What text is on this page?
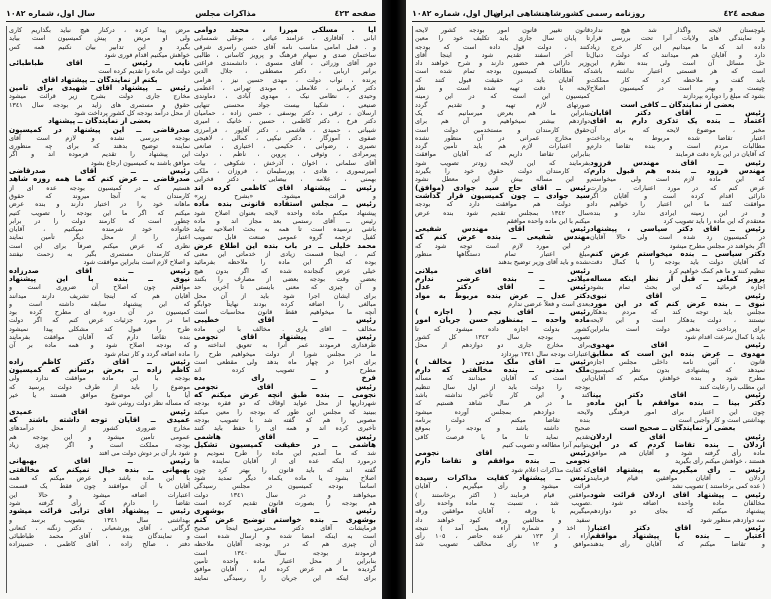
صفحه ٤٢٣
مذاکرات مجلس
سال اول، شماره ١٠٨٢
آیا . مسلکی میرزا ، محمد دوامی
ابانی . آقاقاری ، عزامند غیاثی ، بوعلی شمسایی
و . قمل امامی مناسب نامه آقای حسن راسری شرقی
ساختمان صدی و سهام فرهنگ و پرویز کاسانی ، طالبی
دور آقای وزرائی ، آقای مسوی ، دانشمندی فراغتی
برانبر اربابی ، دکتر مصطفی ، جلال الدین
پرنده ، نواب دولت ، مهدی حسین نیز ، هرامی
دکتر کرمانی ، غلامعلی ، موبدی تهرانی ، اعظمی
وحیدی ، نظامی نیک ، مهدوی آبادی ، دماوندی
صنیعی ، شکیبا بیست جواد محسنی تنهایی
ارسلان ، ترقی ، دکتر یوسفی ، حسن زاده ، حمامیان
دکتر فرخ ، دکتر کاظمی ، حسین ، خانیک ، امیری
شیبانی ، حمیدی ، هاشمی ، دکتر آقاپور ، فرامرزی
صفوی ، آموزگار ، دکتر نیکپی ، کمالی ، لاهیجی
نصیری ، رضوانی ، حکیمی ، اختیاری ، صانعی
پیرمرادی ، وثوقی ، پروین ، ناظم ، دولت
آقای سلمانی ، اخوان ، آذرخش ، شکوهی ، بیات
امیرتیموری ، هادی ، پورسلیمان ، فروزان ، ملکی
بهمنی ، علامه ، بیضایی ، دکتر فخرایی
رئیس ــ پیشنهاد آقای کاظمی کرده اند
و قرائت میشود. «بشرح زیر»
رئیس ــ مجلس استفاده قانونی بنده ماده
پیشنهاد میکنم ماده واحده لایحه بعنوان اصلاح شود
رئیس ــ آقای رستمی بعد مجاز اند و ماده
باشی نرسیده است تا همه به بحث اصلاحیه بیاید
کفیل ترجمه گروه عمومی صنعت قابل تصویب
محمد خلیلی ــ در باب بنده این اطلاع عرض
کنم ، اینجا قسمت زیادی از خدماتی این معنی
بوده که اگر این ماده را ملاحظه بفرمائید
خیلی عرض گنجانده شده که اگر بدون هیچ
بعضی وقت بودجه بعضی از مصارف را بکنند
و آن چیزی که معنی بایستی تا آخرین حد
برای ایشان اجرا شود باید از آن محل
مبالغی را اضافه کرده بودند نهایتاً جوابگو
آنچه ما میخواهیم فقط قانون محاسبات است
رئیس ــ آقای خطیبی
مخالف ــ اقای یاری . مخالف با این ماده
رئیس ــ پیشنهاد آقای نجومی
طرفداری فرمودند عمر آنرا به تعویق انداخته و
ما در مجلس شورا از دولت میخواهیم طرح را
برای اجرا در چهار ماه بدهد ولی مقطعی است
مطرح و تصویب کرده اند
فرخ ــ رأی بده
رئیس ــ آقای نجومی
نجومی ــ بنده طبق آنچه عرض میکنم که
شهرداریها از محل عواید اوقاف که دو فقره بودجه
ببینید که مجلس این طور که بودجه را معین میکند
مصوبی را هم که گفته شد با تصویب بودجه
تأخیری کرده اند و همه ای را حفظ باید کنند
رئیس ــ آقای هاشمی
هاشمی ــ در حقیقت کمیسیون تشکیل
شد که ما آمدیم این ماده را طرح نمودیم و
درمورد اینکه عده ای از آقایان نماینده ها
گفته اند که باید قانون را بهتر کرد چون
اصلاح بشود یا ماده یکماه دیگر تمدید شود
اساساً بودجه کمیسیون در مجلس رسیدگی
میخواهند و در سال ١٣٤١ دولت
هم بودجه را بصورت قانون تقدیم کرده است
رئیس ــ آقای بوشهری
بوشهری ــ بنده خواستم توضیح عرض کنم
فرمایشات آقای دکتر محترمی اینجا صحیح
است به اینکه امضا شده و ارسال شده است
آن چیزی هم که در بودجه آقایان ملاحظه
فرمودند بودجه سال ١٣٤٠ است
بنابراین از محل اعتبار ماده واحده تأمین
گردیده ما هم عرض کرده ایم ، آقایان موافق
برای اینکه این جریان را رسیدگی نمایند
مرض پیدا کرده ، درکنار هیچ نباید بگذاریم کاری
ولی او مریض و پیش کمیسیون است بیاید
بگیرد و این تدابیر بیان نکنیم همه کس
خواهش میکنیم اقدام فوری شود
نایب رئیس ــ آقای طباطبائی
دولت این ماده را تقدیم کرده است
بکنم از نمایندگان ــ پیشنهاد آقای
رئیس ــ پیشنهاد آقای شهیدی برای تأمین
مخارج جاری دولت بشرح زیر قرائت میشود
حقوق و مستمری های زاید بر بودجه سال ١٣٤١
از محل درآمد بودجه کل کشور پرداخت شود
بعضی از نمایندگان ــ پیشنهاد
صدرقاضی ــ این پیشنهاد در کمیسیون
بودجه بررسی نشده و لازم است آقای
نماینده توضیح بدهند که برای چه منظوری
این پیشنهاد را تقدیم فرموده اند و اگر
موافق باشند به کمیسیون ارجاع بشود
رئیس ــ آقای صدرقاضی
صدرقاضی ــ عرض کنم که ما همه روزه شاهد
هستیم که در کمیسیون بودجه عده ای از
کارمندان به آنجا میروند که حقوق
ماهانه خود را در اختیار دارند و بنده عرض
میکنم که اگر ما این بودجه را تصویب کنیم
چطور است که کارمند دولت را در برابر
خانواده خود شرمنده نمیکنیم ، آقایان
اعتبار را از محل دیگر تأمین نمایند
نظری که عرض میکنم صرفاً برای این است
که کارمندان مستمری بگیر به زحمت نیفتند
و اصلاح لازم است بنابراین موافقت شود
رئیس ــ آقای صدرزاده
نیوی ــ بنده با این پیشنهاد
موافقم چون اصلاح آن ضروری است و
آقایان هم که اینجا تشریف دارند میدانند
که این پیشنهاد سابقه داشته است و
کمیسیون در آن دوره ای مطرح کرده بود
اما در مورد جزئیات عرض کنم که اگر دولت
طرح را قبول کند مشکلی پیدا نمیشود
بنده تقاضا دارم که آقایان موافقت بفرمایند
که بودجه اصلاح شود و همه ماده بر آن
ماده اضافه گردد و کار تمام شود
رئیس ــ آقای دکتر کاظم زاده
کاظم زاده ــ بعرض برسانم که کمیسیون
بودجه با این ماده موافقت ندارد ولی
موضوع را باید از طرف دولت پرسید که
آیا با این موضوع موافق هستند یا خیر
که مسأله نظر دولت روشن شود
رئیس ــ آقای عمیدی
عمیدی ــ آقایان توجه داشته باشند که
مخارج ضروری کشور از محل درآمدهای
عمومی تأمین میشود و این بودجه هم
بودجه مملکت است و اگر چیزی زیاد
شود بار آن بر دوش دولت می افتد
رئیس ــ آقای بهبهانی
بهبهانی ــ بنده خیال نمیکنم که مخالفتی
با این ماده باشد و عرض میکنم که همه
آقایان با آن موافقند چون فقط یک قسمت
اعتبارات اضافه میشود و حالا این
تقاضا را دارم که رأی گرفته شود
رئیس ــ پیشنهاد آقای ترابی قرائت میشود
بهداشتی سال ١٣٤١ بتصویب برسد و
گرگانی ، آقای پورشعبانی ، دکتر زنگنه ، کنعانی
و نمایندگان بنده ، آقای محمد طباطبائی
دفتر ، صالح زاده ، آقای کاظمی ، حسینزاده
صفحه ٤٢٤
روزنامه رسمی کشورشاهنشاهی ایران
سال اول، شماره ١٠٨٢
بلوچستان لایحه واگذار شد هیچ ندارد
و نمایندگی های ولایات آنرا تحت بررسی قرار
داده اند که ما میدانیم این کار خرج زیاد
دارد و آقایان هم میدانند که دولت دنبال
حل مسائل آن است ولی بنده نظرم این
است که هر قسمتی اعتبار نداشته باشد
باید گفت و ملاحظه کرد که کار مملکت
چیست و بهتر است در کمیسیون اصلاح
بشود که مبلغ را دوباره بپردازند
بعضی از نمایندگان ــ کافی است
رئیس ــ آقای دکتر آقایان
اعتماد ــ بنده یک تذکری دارم به آقای
مخبر ، موضوع لایحه که برای آن
اعتبار تقاضا شده مربوط به پرداخت
مطالبات مردم است و بنده تقاضا دارم
که آقایان در این باره دقت فرمایند
رئیس ــ آقای مهندس فرزود
مهندس فرزود ــ بنده هم قبول دارم
که این ماده لازم است ولی میخواستم
عرض کنم که در مورد اعتبارات ، وزارت
دارائی اقدام کرده است و آقایان اگر
موافقت کنند ما این اعتبار را خواهیم داد
و در این زمینه ایرادی ندارد و بنده
معتقدم که این ماده را باید تصویب کرد
رئیس ــ آقای دکتر سیاسی ، پیشنهاد
در کمیسیون رد شده است ولی حالا آقایان
اگر بخواهند در مجلس مطرح میشود
دکتر سیاسی ــ بنده میخواستم عرض کنم
که آقایان دولت باید بودجه را با کمال دقت
تنظیم کنند و ما هم کمک خواهیم کرد
پرویز کمانی ــ قبل از نظر اینکه مسأله
اجازه فرمائید که این بحث تمام بشود
رئیس ــ آقای نبوی
نبوی ــ بنده عرض کنم که در این مورد
مجلس باید توجه کند که مردم بدهکار
نیستند ، دولت بدهکار است و این لایحه
برای پرداخت بدهی دولت است بنابراین
باید با کمال سرعت اقدام شود
رئیس ــ آقای مهدوی
مهدوی ــ عرض بنده این است که مطابق
قانون ، آئین نامه داخلی مجلس اجازه
نمیدهد که پیشنهادی بدون نظر کمیسیون
مطرح شود و بنده خواهش میکنم که آقایان
این مطلب را رعایت کنند
رئیس ــ آقای دکتر بینا
دکتر بینا ــ بنده موافقم با این ماده
چون این اعتبار برای امور فرهنگی و
بهداشتی است و کار واجبی است
بعضی از نمایندگان ــ صحیح است
رئیس ــ آقای اردلان
اردلان ــ بنده تقاضا کردم که در این
ماده رأی گرفته شود و آقایان هم موافق
هستند ، خواهش میکنم رأی بگیرید
رئیس ــ رأی میگیریم به پیشنهاد آقای
اردلان ، آقایان موافقین قیام فرمایند
( عده کمی برخاستند ) تصویب نشد
رئیس ــ پیشنهاد آقای اردلان قرائت شود
مخالفان ماده واحده اضافه شود .
پیشنهاد میکنم که بجای دو دوازدهم
سه دوازدهم منظور شود
رئیس ــ آقای دکتر اعتبار
اعتبار ــ بنده با پیشنهاد موافقم
و تقاضا میکنم که آقایان رأی بدهند
قانون تغییر قانون امور بودجه کشور لایحه
تا پایان سال جاری باید تکلیف خود را معین
کنند ، دولت قول داده است که بودجه
تا آخر اسفند تقدیم شود و اینجا آقای
وزیر دارائی هم حضور دارند و شرح خواهند داد
که مطالعات کمیسیون بودجه تمام شده است
و آقایان باید در حقیقت قبول کنند که
لایحه با دقت تهیه شده است و نظر
کمیسیون این است که در این زمینه
صورتهای لازم تهیه و تقدیم گردد
بنابراین ما هم بعرض میرسانیم که یک
دوازدهم بیشتر نمیخواهیم و آن هم برای
حقوق کارمندان و مستخدمین دولت است
و مخارج عمرانی در آن منظور نشده
و اعتبارات لازم هم باید تأمین گردد
بنابراین تقاضا داریم که آقایان موافقت
بفرمایند که این لایحه زودتر تصویب شود
که کارمندان دولت حقوق خود را بگیرند
و این مسأله بیش از این معطل نشود
رئیس ــ آقای حاج سید جوادی (موافق)
سید جوادی ــ چون کمیسیون قرار گذاشت
و دولت هم موافقت دارد که بودجه
سال ١٣٤٢ بمجلس تقدیم شود بنده عرض
میکنم با این ماده واحده موافقم
رئیس ــ آقای مهندس شفیعی
مهندس شفیعی ــ بنده عرض کنم که
در این مورد لازم است توجه شود که
مبلغ اعتبار تمام دستگاهها منظور
نشده و باید آقای وزیر توضیح بدهند
رئیس ــ آقای میلانی
میلانی ــ بنده عرضی ندارم
رئیس ــ آقای دکتر عدل
دکتر عدل ــ عرض بنده مربوط به مواد
بعدی است و فعلاً عرضی ندارم
رئیس ــ آقای نجم ( اجازه )
ماده واحده ــ بمنظور حسن جریان امور
کشور بدولت اجازه داده میشود که تا
تصویب بودجه سال ١٣٤٢ کل کشور
برای مخارج جاری دو دوازدهم از محل
اعتبارات بودجه سال ١٣٤١ بپردازد
رئیس ــ آقای ملک مدنی ( مخالف )
ملک مدنی ــ بنده مخالفتی که دارم
این است که آقایان میدانند که مسأله
بودجه را دولت باید از اول سال تنظیم
کند و این کار تأخیر نداشته باشد
و ما در هر سال شاهد هستیم که
لایحه دوازدهم بمجلس آورده میشود
بنده تقاضا میکنم که دولت برنامه
صحیح داشته باشد و بودجه را بموقع
تقدیم نماید تا ما با فرصت کافی
بتوانیم آنرا مطالعه و تصویب کنیم
رئیس ــ آقای نجومی
نجومی ــ بنده موافقم و تقاضا دارم
که کفایت مذاکرات اعلام شود
رئیس ــ پیشنهاد کفایت مذاکرات رسیده
قرائت میشود و رأی میگیریم ، آقایان
موافقین قیام فرمایند ( اکثر برخاستند )
تصویب شد ، نسبت به ماده واحده رأی
میگیریم با ورقه ، آقایان موافقین ورقه
سفید و مخالفین ورقه کبود خواهند داد
( اخذ و شماره آراء بعمل آمد ) نتیجه
آراء ، از ١٢٣ نفر عده حاضر ، ١٠٥ رأی
موافق و ١٢ رأی مخالف تصویب شد
